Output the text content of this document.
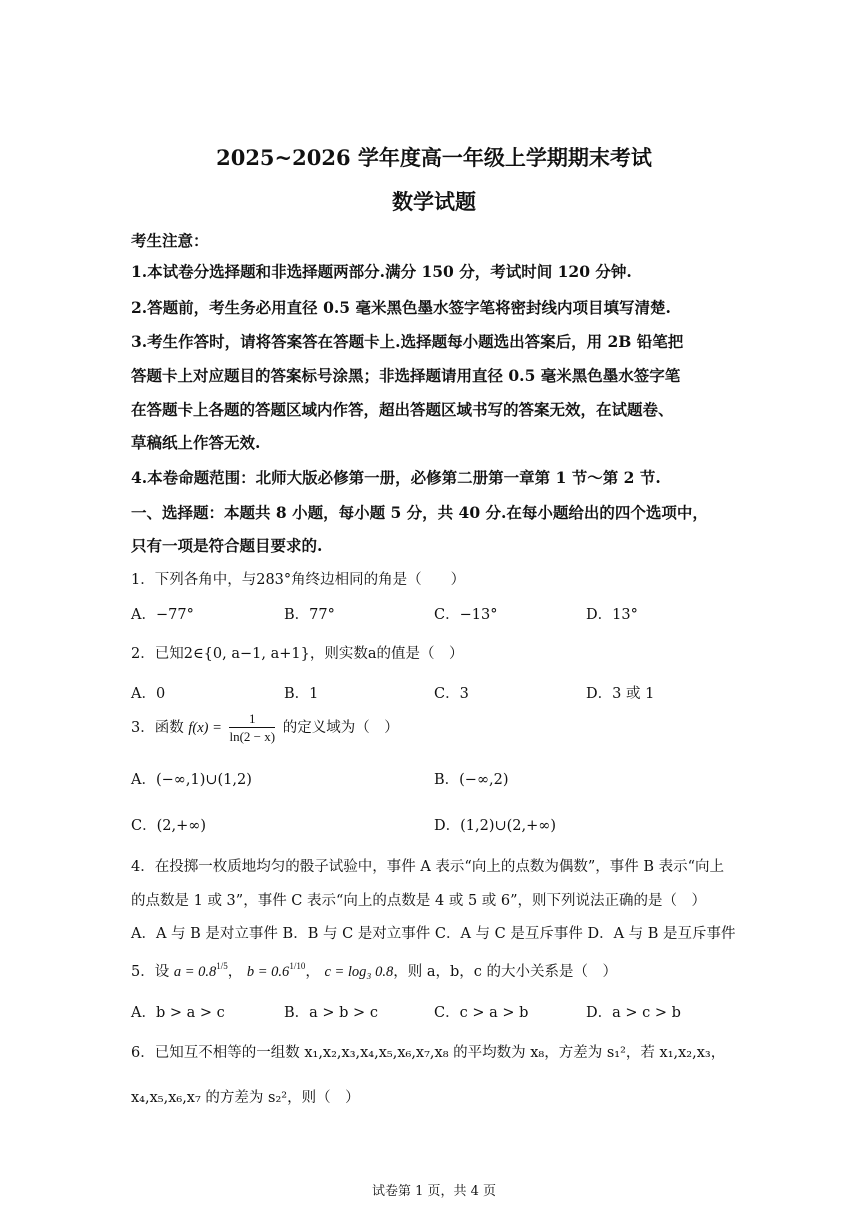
2025~2026 学年度高一年级上学期期末考试
数学试题
考生注意：
1.本试卷分选择题和非选择题两部分.满分 150 分，考试时间 120 分钟.
2.答题前，考生务必用直径 0.5 毫米黑色墨水签字笔将密封线内项目填写清楚.
3.考生作答时，请将答案答在答题卡上.选择题每小题选出答案后，用 2B 铅笔把
答题卡上对应题目的答案标号涂黑；非选择题请用直径 0.5 毫米黑色墨水签字笔
在答题卡上各题的答题区域内作答，超出答题区域书写的答案无效，在试题卷、
草稿纸上作答无效.
4.本卷命题范围：北师大版必修第一册，必修第二册第一章第 1 节～第 2 节.
一、选择题：本题共 8 小题，每小题 5 分，共 40 分.在每小题给出的四个选项中，
只有一项是符合题目要求的.
1．下列各角中，与283°角终边相同的角是（　　）
A．−77°	B．77°	C．−13°	D．13°
2．已知2∈{0, a−1, a+1}，则实数a的值是（　）
A．0	B．1	C．3	D．3 或 1
3．函数 $f(x) = \frac{1}{\ln(2 - x)}$ 的定义域为（　）
A．(−∞,1)∪(1,2)	B．(−∞,2)
C．(2,+∞)	D．(1,2)∪(2,+∞)
4．在投掷一枚质地均匀的骰子试验中，事件 A 表示“向上的点数为偶数”，事件 B 表示“向上
的点数是 1 或 3”，事件 C 表示“向上的点数是 4 或 5 或 6”，则下列说法正确的是（　）
A．A 与 B 是对立事件 B．B 与 C 是对立事件 C．A 与 C 是互斥事件 D．A 与 B 是互斥事件
5．设 $a = 0.8^{1/5}$， $b = 0.6^{1/10}$， c = log₃ 0.8，则 a，b，c 的大小关系是（　）
A．b > a > c	B．a > b > c	C．c > a > b	D．a > c > b
6．已知互不相等的一组数 x₁,x₂,x₃,x₄,x₅,x₆,x₇,x₈ 的平均数为 x₈，方差为 s₁²，若 x₁,x₂,x₃，
x₄,x₅,x₆,x₇ 的方差为 s₂²，则（　）
试卷第 1 页，共 4 页
